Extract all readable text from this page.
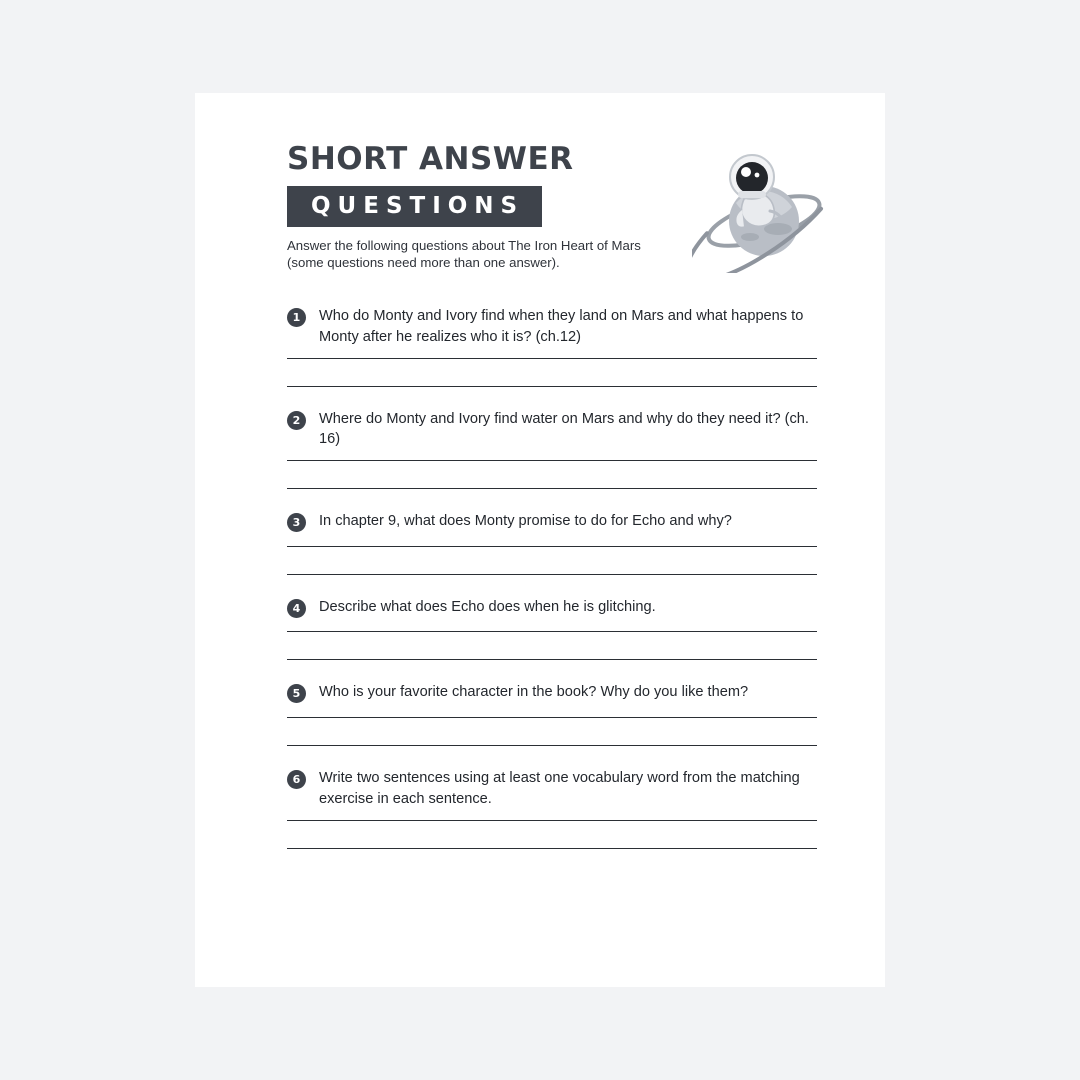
SHORT ANSWER
QUESTIONS
Answer the following questions about The Iron Heart of Mars
(some questions need more than one answer).
1	Who do Monty and Ivory find when they land on Mars and what happens to Monty after he realizes who it is? (ch.12)
2	Where do Monty and Ivory find water on Mars and why do they need it? (ch. 16)
3	In chapter 9, what does Monty promise to do for Echo and why?
4	Describe what does Echo does when he is glitching.
5	Who is your favorite character in the book? Why do you like them?
6	Write two sentences using at least one vocabulary word from the matching exercise in each sentence.
